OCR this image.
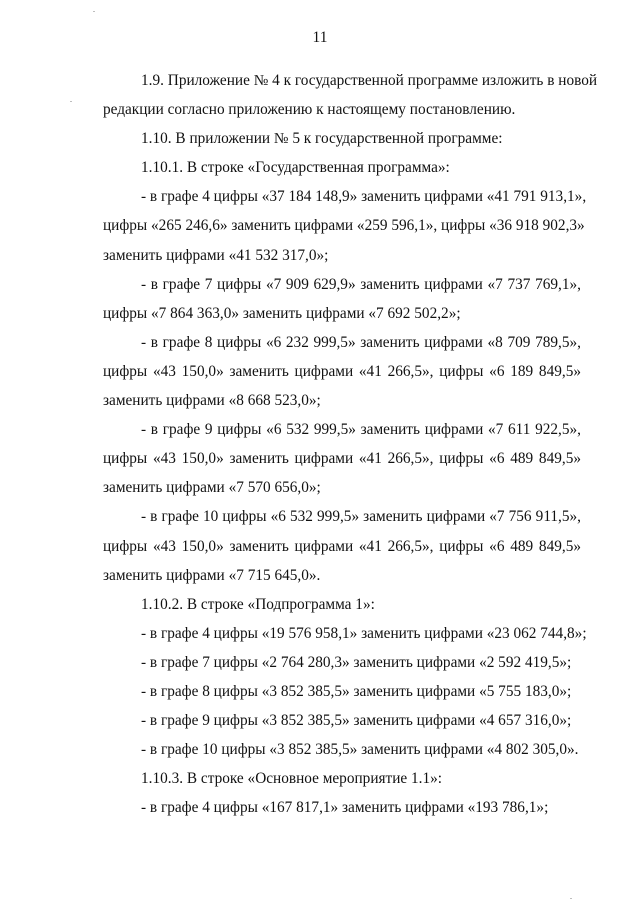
.
.
.
11
1.9. Приложение № 4 к государственной программе изложить в новой
редакции согласно приложению к настоящему постановлению.
1.10. В приложении № 5 к государственной программе:
1.10.1. В строке «Государственная программа»:
- в графе 4 цифры «37 184 148,9» заменить цифрами «41 791 913,1»,
цифры «265 246,6» заменить цифрами «259 596,1», цифры «36 918 902,3»
заменить цифрами «41 532 317,0»;
- в графе 7 цифры «7 909 629,9» заменить цифрами «7 737 769,1»,
цифры «7 864 363,0» заменить цифрами «7 692 502,2»;
- в графе 8 цифры «6 232 999,5» заменить цифрами «8 709 789,5»,
цифры «43 150,0» заменить цифрами «41 266,5», цифры «6 189 849,5»
заменить цифрами «8 668 523,0»;
- в графе 9 цифры «6 532 999,5» заменить цифрами «7 611 922,5»,
цифры «43 150,0» заменить цифрами «41 266,5», цифры «6 489 849,5»
заменить цифрами «7 570 656,0»;
- в графе 10 цифры «6 532 999,5» заменить цифрами «7 756 911,5»,
цифры «43 150,0» заменить цифрами «41 266,5», цифры «6 489 849,5»
заменить цифрами «7 715 645,0».
1.10.2. В строке «Подпрограмма 1»:
- в графе 4 цифры «19 576 958,1» заменить цифрами «23 062 744,8»;
- в графе 7 цифры «2 764 280,3» заменить цифрами «2 592 419,5»;
- в графе 8 цифры «3 852 385,5» заменить цифрами «5 755 183,0»;
- в графе 9 цифры «3 852 385,5» заменить цифрами «4 657 316,0»;
- в графе 10 цифры «3 852 385,5» заменить цифрами «4 802 305,0».
1.10.3. В строке «Основное мероприятие 1.1»:
- в графе 4 цифры «167 817,1» заменить цифрами «193 786,1»;
